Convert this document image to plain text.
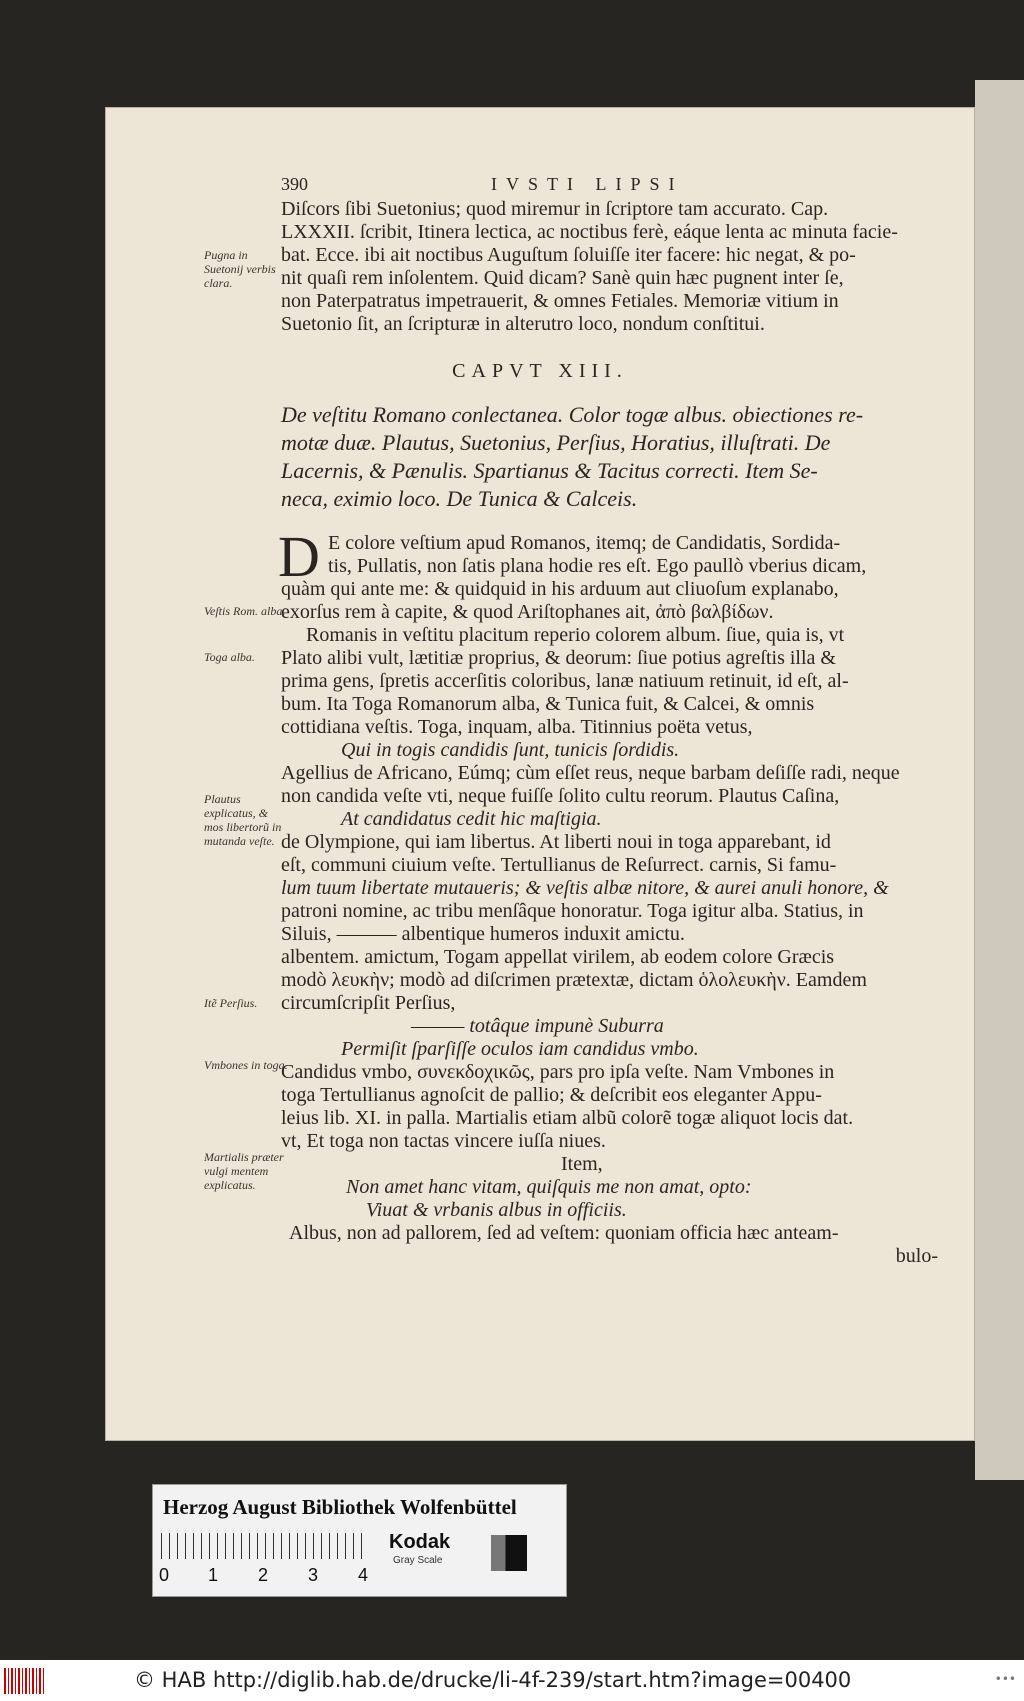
390	IVSTI LIPSI
Diſcors ſibi Suetonius; quod miremur in ſcriptore tam accurato. Cap.
LXXXII. ſcribit, Itinera lectica, ac noctibus ferè, eáque lenta ac minuta facie-
bat. Ecce. ibi ait noctibus Auguſtum ſoluiſſe iter facere: hic negat, & po-
nit quaſi rem inſolentem. Quid dicam? Sanè quin hæc pugnent inter ſe,
non Paterpatratus impetrauerit, & omnes Fetiales. Memoriæ vitium in
Suetonio ſit, an ſcripturæ in alterutro loco, nondum conſtitui.
Pugna in Suetonij verbis clara.
CAPVT XIII.
De veſtitu Romano conlectanea. Color togæ albus. obiectiones re-
motæ duæ. Plautus, Suetonius, Perſius, Horatius, illuſtrati. De
Lacernis, & Pænulis. Spartianus & Tacitus correcti. Item Se-
neca, eximio loco. De Tunica & Calceis.
D E colore veſtium apud Romanos, itemq; de Candidatis, Sordida-
tis, Pullatis, non ſatis plana hodie res eſt. Ego paullò vberius dicam,
quàm qui ante me: & quidquid in his arduum aut cliuoſum explanabo,
exorſus rem à capite, & quod Ariſtophanes ait, ἀπὸ βαλβίδων.
Romanis in veſtitu placitum reperio colorem album. ſiue, quia is, vt
Plato alibi vult, lætitiæ proprius, & deorum: ſiue potius agreſtis illa &
prima gens, ſpretis accerſitis coloribus, lanæ natiuum retinuit, id eſt, al-
bum. Ita Toga Romanorum alba, & Tunica fuit, & Calcei, & omnis
cottidiana veſtis. Toga, inquam, alba. Titinnius poëta vetus,
Qui in togis candidis ſunt, tunicis ſordidis.
Agellius de Africano, Eúmq; cùm eſſet reus, neque barbam deſiſſe radi, neque
non candida veſte vti, neque fuiſſe ſolito cultu reorum. Plautus Caſina,
At candidatus cedit hic maſtigia.
de Olympione, qui iam libertus. At liberti noui in toga apparebant, id
eſt, communi ciuium veſte. Tertullianus de Reſurrect. carnis, Si famu-
lum tuum libertate mutaueris; & veſtis albæ nitore, & aurei anuli honore, &
patroni nomine, ac tribu menſâque honoratur. Toga igitur alba. Statius, in
Siluis, ——— albentique humeros induxit amictu.
albentem. amictum, Togam appellat virilem, ab eodem colore Græcis
modò λευκὴν; modò ad diſcrimen prætextæ, dictam ὁλολευκὴν. Eamdem
circumſcripſit Perſius,
——— totâque impunè Suburra
Permiſit ſparſiſſe oculos iam candidus vmbo.
Candidus vmbo, συνεκδοχικῶς, pars pro ipſa veſte. Nam Vmbones in
toga Tertullianus agnoſcit de pallio; & deſcribit eos eleganter Appu-
leius lib. XI. in palla. Martialis etiam albũ colorẽ togæ aliquot locis dat.
vt, Et toga non tactas vincere iuſſa niues.
Item,
Non amet hanc vitam, quiſquis me non amat, opto:
Viuat & vrbanis albus in officiis.
Albus, non ad pallorem, ſed ad veſtem: quoniam officia hæc anteam-
bulo-
Veſtis Rom. alba.
Toga alba.
Plautus explicatus, & mos libertorũ in mutanda veſte.
Itẽ Perſius.
Vmbones in toga.
Martialis præter vulgi mentem explicatus.
Herzog August Bibliothek Wolfenbüttel
0 1 2 3 4
Kodak
Gray Scale
© HAB http://diglib.hab.de/drucke/li-4f-239/start.htm?image=00400	•••
